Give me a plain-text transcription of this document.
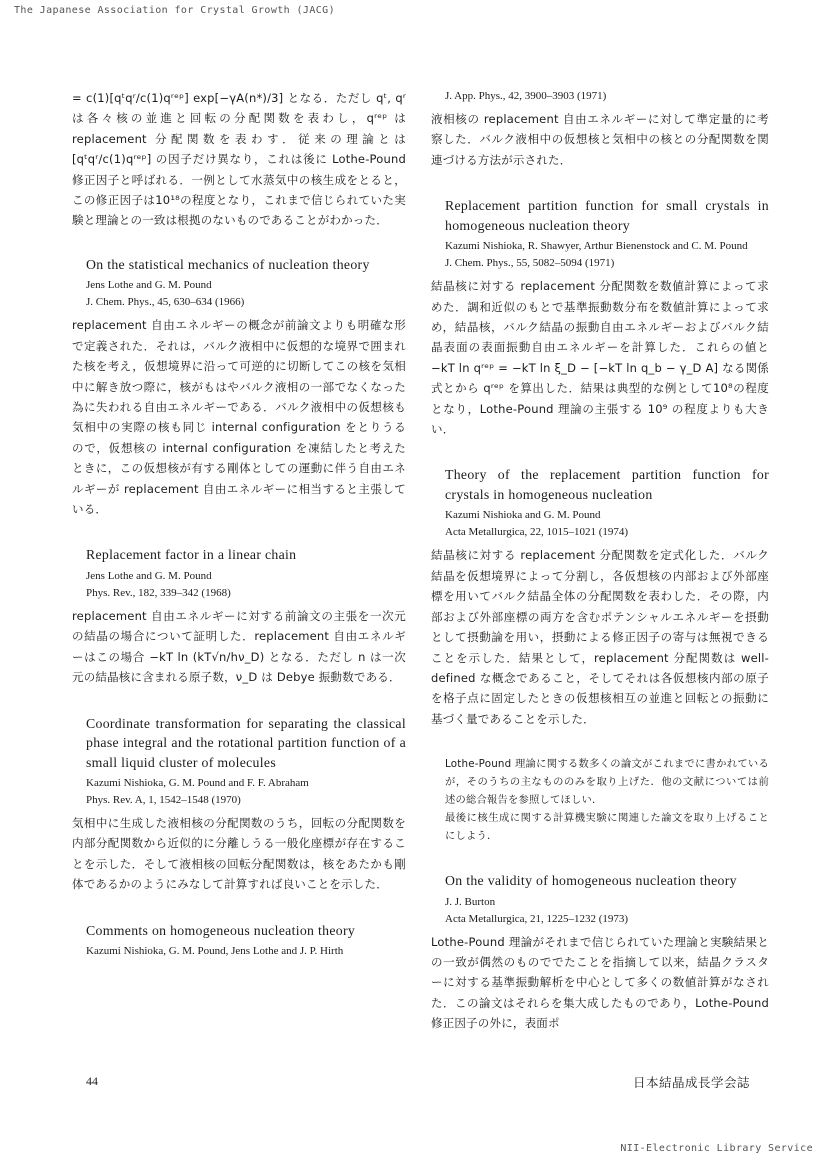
The Japanese Association for Crystal Growth (JACG)

= c(1)[qᵗqʳ/c(1)qʳᵉᵖ] exp[−γA(n*)/3] となる．ただし qᵗ, qʳ は各々核の並進と回転の分配関数を表わし，qʳᵉᵖ は replacement 分配関数を表わす．従来の理論とは [qᵗqʳ/c(1)qʳᵉᵖ] の因子だけ異なり，これは後に Lothe-Pound 修正因子と呼ばれる．一例として水蒸気中の核生成をとると，この修正因子は10¹⁸の程度となり，これまで信じられていた実験と理論との一致は根拠のないものであることがわかった．

On the statistical mechanics of nucleation theory

Jens Lothe and G. M. Pound

J. Chem. Phys., 45, 630–634 (1966)

replacement 自由エネルギーの概念が前論文よりも明確な形で定義された．それは，バルク液相中に仮想的な境界で囲まれた核を考え，仮想境界に沿って可逆的に切断してこの核を気相中に解き放つ際に，核がもはやバルク液相の一部でなくなった為に失われる自由エネルギーである．バルク液相中の仮想核も気相中の実際の核も同じ internal configuration をとりうるので，仮想核の internal configuration を凍結したと考えたときに，この仮想核が有する剛体としての運動に伴う自由エネルギーが replacement 自由エネルギーに相当すると主張している．

Replacement factor in a linear chain

Jens Lothe and G. M. Pound

Phys. Rev., 182, 339–342 (1968)

replacement 自由エネルギーに対する前論文の主張を一次元の結晶の場合について証明した．replacement 自由エネルギーはこの場合 −kT ln (kT√n/hν_D) となる．ただし n は一次元の結晶核に含まれる原子数，ν_D は Debye 振動数である．

Coordinate transformation for separating the classical phase integral and the rotational partition function of a small liquid cluster of molecules

Kazumi Nishioka, G. M. Pound and F. F. Abraham

Phys. Rev. A, 1, 1542–1548 (1970)

気相中に生成した液相核の分配関数のうち，回転の分配関数を内部分配関数から近似的に分離しうる一般化座標が存在することを示した．そして液相核の回転分配関数は，核をあたかも剛体であるかのようにみなして計算すれば良いことを示した．

Comments on homogeneous nucleation theory

Kazumi Nishioka, G. M. Pound, Jens Lothe and J. P. Hirth

J. App. Phys., 42, 3900–3903 (1971)

液相核の replacement 自由エネルギーに対して準定量的に考察した．バルク液相中の仮想核と気相中の核との分配関数を関連づける方法が示された．

Replacement partition function for small crystals in homogeneous nucleation theory

Kazumi Nishioka, R. Shawyer, Arthur Bienenstock and C. M. Pound

J. Chem. Phys., 55, 5082–5094 (1971)

結晶核に対する replacement 分配関数を数値計算によって求めた．調和近似のもとで基準振動数分布を数値計算によって求め，結晶核，バルク結晶の振動自由エネルギーおよびバルク結晶表面の表面振動自由エネルギーを計算した．これらの値と −kT ln qʳᵉᵖ = −kT ln ξ_D − [−kT ln q_b − γ_D A] なる関係式とから qʳᵉᵖ を算出した．結果は典型的な例として10⁸の程度となり，Lothe-Pound 理論の主張する 10⁹ の程度よりも大きい．

Theory of the replacement partition function for crystals in homogeneous nucleation

Kazumi Nishioka and G. M. Pound

Acta Metallurgica, 22, 1015–1021 (1974)

結晶核に対する replacement 分配関数を定式化した．バルク結晶を仮想境界によって分割し，各仮想核の内部および外部座標を用いてバルク結晶全体の分配関数を表わした．その際，内部および外部座標の両方を含むポテンシャルエネルギーを摂動として摂動論を用い，摂動による修正因子の寄与は無視できることを示した．結果として，replacement 分配関数は well-defined な概念であること，そしてそれは各仮想核内部の原子を格子点に固定したときの仮想核相互の並進と回転との振動に基づく量であることを示した．

Lothe-Pound 理論に関する数多くの論文がこれまでに書かれているが，そのうちの主なもののみを取り上げた．他の文献については前述の総合報告を参照してほしい．

最後に核生成に関する計算機実験に関連した論文を取り上げることにしよう．

On the validity of homogeneous nucleation theory

J. J. Burton

Acta Metallurgica, 21, 1225–1232 (1973)

Lothe-Pound 理論がそれまで信じられていた理論と実験結果との一致が偶然のものででたことを指摘して以来，結晶クラスターに対する基準振動解析を中心として多くの数値計算がなされた．この論文はそれらを集大成したものであり，Lothe-Pound 修正因子の外に，表面ポ

44	日本結晶成長学会誌
NII-Electronic Library Service
